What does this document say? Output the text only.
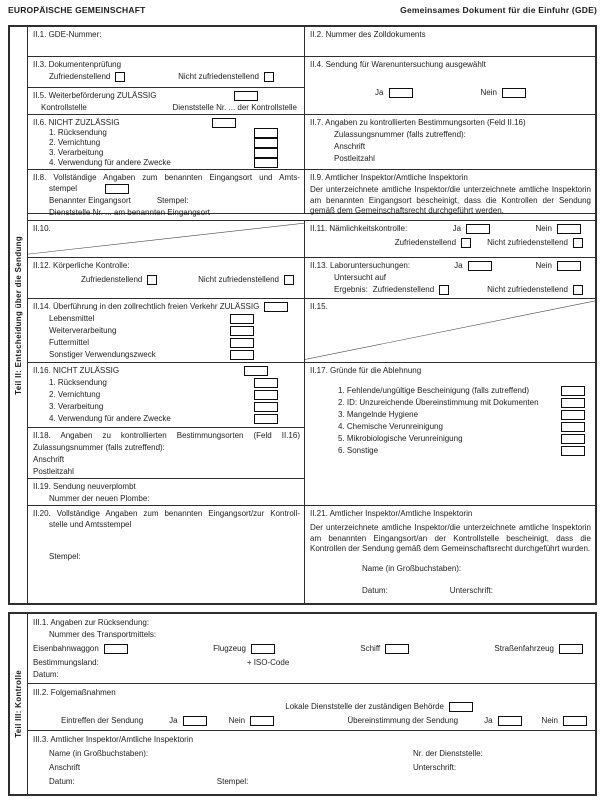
EUROPÄISCHE GEMEINSCHAFT	Gemeinsames Dokument für die Einfuhr (GDE)
Teil II: Entscheidung über die Sendung
II.1. GDE-Nummer:	II.2. Nummer des Zolldokuments
II.3. Dokumentenprüfung
Zufriedenstellend	Nicht zufriedenstellend
II.5. Weiterbeförderung ZULÄSSIG
Kontrollstelle	Dienststelle Nr. ... der Kontrollstelle
II.4. Sendung für Warenuntersuchung ausgewählt
Ja	Nein
II.6. NICHT ZUZLÄSSIG
1. Rücksendung
2. Vernichtung
3. Verarbeitung
4. Verwendung für andere Zwecke
II.7. Angaben zu kontrollierten Bestimmungsorten (Feld II.16)
Zulassungsnummer (falls zutreffend):
Anschrift
Postleitzahl
II.8. Vollständige Angaben zum benannten Eingangsort und Amts-
stempel
Benannter Eingangsort	Stempel:
Dienststelle Nr. ... am benannten Eingangsort
II.9. Amtlicher Inspektor/Amtliche Inspektorin

Der unterzeichnete amtliche Inspektor/die unterzeichnete amtliche Inspektorin am benannten Eingangsort bescheinigt, dass die Kontrollen der Sendung gemäß dem Gemeinschaftsrecht durchgeführt werden.

II.10.	II.11. Nämlichkeitskontrolle:	Ja	Nein
Zufriedenstellend	Nicht zufriedenstellend
II.12. Körperliche Kontrolle:
Zufriedenstellend	Nicht zufriedenstellend
II.13. Laboruntersuchungen:	Ja	Nein
Untersucht auf
Ergebnis: Zufriedenstellend	Nicht zufriedenstellend
II.14. Überführung in den zollrechtlich freien Verkehr ZULÄSSIG
Lebensmittel
Weiterverarbeitung
Futtermittel
Sonstiger Verwendungszweck
II.15.
II.16. NICHT ZULÄSSIG
1. Rücksendung
2. Vernichtung
3. Verarbeitung
4. Verwendung für andere Zwecke
II.18. Angaben zu kontrollierten Bestimmungsorten (Feld II.16)
Zulassungsnummer (falls zutreffend):
Anschrift
Postleitzahl
II.19. Sendung neuverplombt
Nummer der neuen Plombe:
II.17. Gründe für die Ablehnung
1. Fehlende/ungültige Bescheinigung (falls zutreffend)
2. ID: Unzureichende Übereinstimmung mit Dokumenten
3. Mangelnde Hygiene
4. Chemische Verunreinigung
5. Mikrobiologische Verunreinigung
6. Sonstige
II.20. Vollständige Angaben zum benannten Eingangsort/zur Kontroll-
stelle und Amtsstempel
Stempel:
II.21. Amtlicher Inspektor/Amtliche Inspektorin

Der unterzeichnete amtliche Inspektor/die unterzeichnete amtliche Inspektorin am benannten Eingangsort/an der Kontrollstelle bescheinigt, dass die Kontrollen der Sendung gemäß dem Gemeinschaftsrecht durchgeführt wurden.

Name (in Großbuchstaben):
Datum:	Unterschrift:
Teil III: Kontrolle
III.1. Angaben zur Rücksendung:
Nummer des Transportmittels:
Eisenbahnwaggon	Flugzeug	Schiff	Straßenfahrzeug
Bestimmungsland:	+ ISO-Code
Datum:
III.2. Folgemaßnahmen
Lokale Dienststelle der zuständigen Behörde
Eintreffen der Sendung	Ja	Nein	Übereinstimmung der Sendung	Ja	Nein
III.3. Amtlicher Inspektor/Amtliche Inspektorin
Name (in Großbuchstaben):	Nr. der Dienststelle:
Anschrift	Unterschrift:
Datum:	Stempel:
